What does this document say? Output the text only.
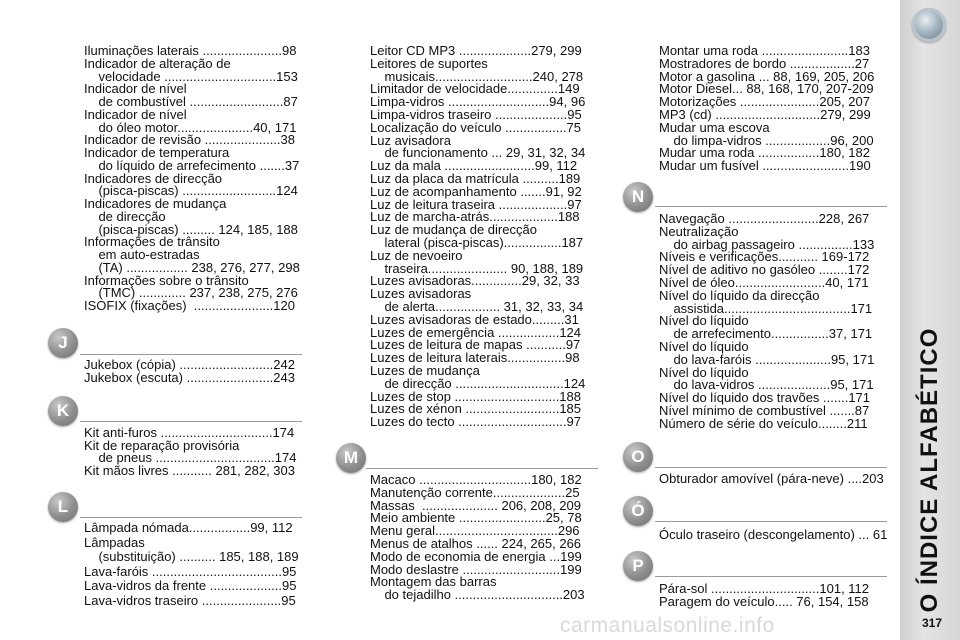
Iluminações laterais ......................98
Indicador de alteração de
velocidade ...............................153
Indicador de nível
de combustível ..........................87
Indicador de nível
do óleo motor.....................40, 171
Indicador de revisão .....................38
Indicador de temperatura
do líquido de arrefecimento .......37
Indicadores de direcção
(pisca-piscas) ..........................124
Indicadores de mudança
de direcção
(pisca-piscas) ......... 124, 185, 188
Informações de trânsito
em auto-estradas
(TA) ................. 238, 276, 277, 298
Informações sobre o trânsito
(TMC) ............. 237, 238, 275, 276
ISOFIX (fixações)  ......................120
J
Jukebox (cópia) ..........................242
Jukebox (escuta) ........................243
K
Kit anti-furos ...............................174
Kit de reparação provisória
de pneus .................................174
Kit mãos livres ........... 281, 282, 303
L
Lâmpada nómada.................99, 112
Lâmpadas
(substituição) .......... 185, 188, 189
Lava-faróis ....................................95
Lava-vidros da frente ....................95
Lava-vidros traseiro ......................95
Leitor CD MP3 ....................279, 299
Leitores de suportes
musicais...........................240, 278
Limitador de velocidade..............149
Limpa-vidros ............................94, 96
Limpa-vidros traseiro ....................95
Localização do veículo .................75
Luz avisadora
de funcionamento ... 29, 31, 32, 34
Luz da mala .........................99, 112
Luz da placa da matrícula ..........189
Luz de acompanhamento .......91, 92
Luz de leitura traseira ...................97
Luz de marcha-atrás...................188
Luz de mudança de direcção
lateral (pisca-piscas)................187
Luz de nevoeiro
traseira...................... 90, 188, 189
Luzes avisadoras..............29, 32, 33
Luzes avisadoras
de alerta.................. 31, 32, 33, 34
Luzes avisadoras de estado.........31
Luzes de emergência .................124
Luzes de leitura de mapas ...........97
Luzes de leitura laterais................98
Luzes de mudança
de direcção ..............................124
Luzes de stop .............................188
Luzes de xénon ..........................185
Luzes do tecto ..............................97
M
Macaco ...............................180, 182
Manutenção corrente....................25
Massas  ..................... 206, 208, 209
Meio ambiente ........................25, 78
Menu geral..................................296
Menus de atalhos ...... 224, 265, 266
Modo de economia de energia ...199
Modo deslastre ...........................199
Montagem das barras
do tejadilho ..............................203
Montar uma roda ........................183
Mostradores de bordo ..................27
Motor a gasolina ... 88, 169, 205, 206
Motor Diesel... 88, 168, 170, 207-209
Motorizações ......................205, 207
MP3 (cd) .............................279, 299
Mudar uma escova
do limpa-vidros ..................96, 200
Mudar uma roda .................180, 182
Mudar um fusível ........................190
N
Navegação .........................228, 267
Neutralização
do airbag passageiro ...............133
Níveis e verificações........... 169-172
Nível de aditivo no gasóleo ........172
Nível de óleo.........................40, 171
Nível do líquido da direcção
assistida...................................171
Nível do líquido
de arrefecimento................37, 171
Nível do líquido
do lava-faróis .....................95, 171
Nível do líquido
do lava-vidros ....................95, 171
Nível do líquido dos travões .......171
Nível mínimo de combustível .......87
Número de série do veículo........211
O
Obturador amovível (pára-neve) ....203
Ó
Óculo traseiro (descongelamento) ... 61
P
Pára-sol ..............................101, 112
Paragem do veículo..... 76, 154, 158 O ÍNDICE ALFABÉTICO
317
carmanualsonline.info
